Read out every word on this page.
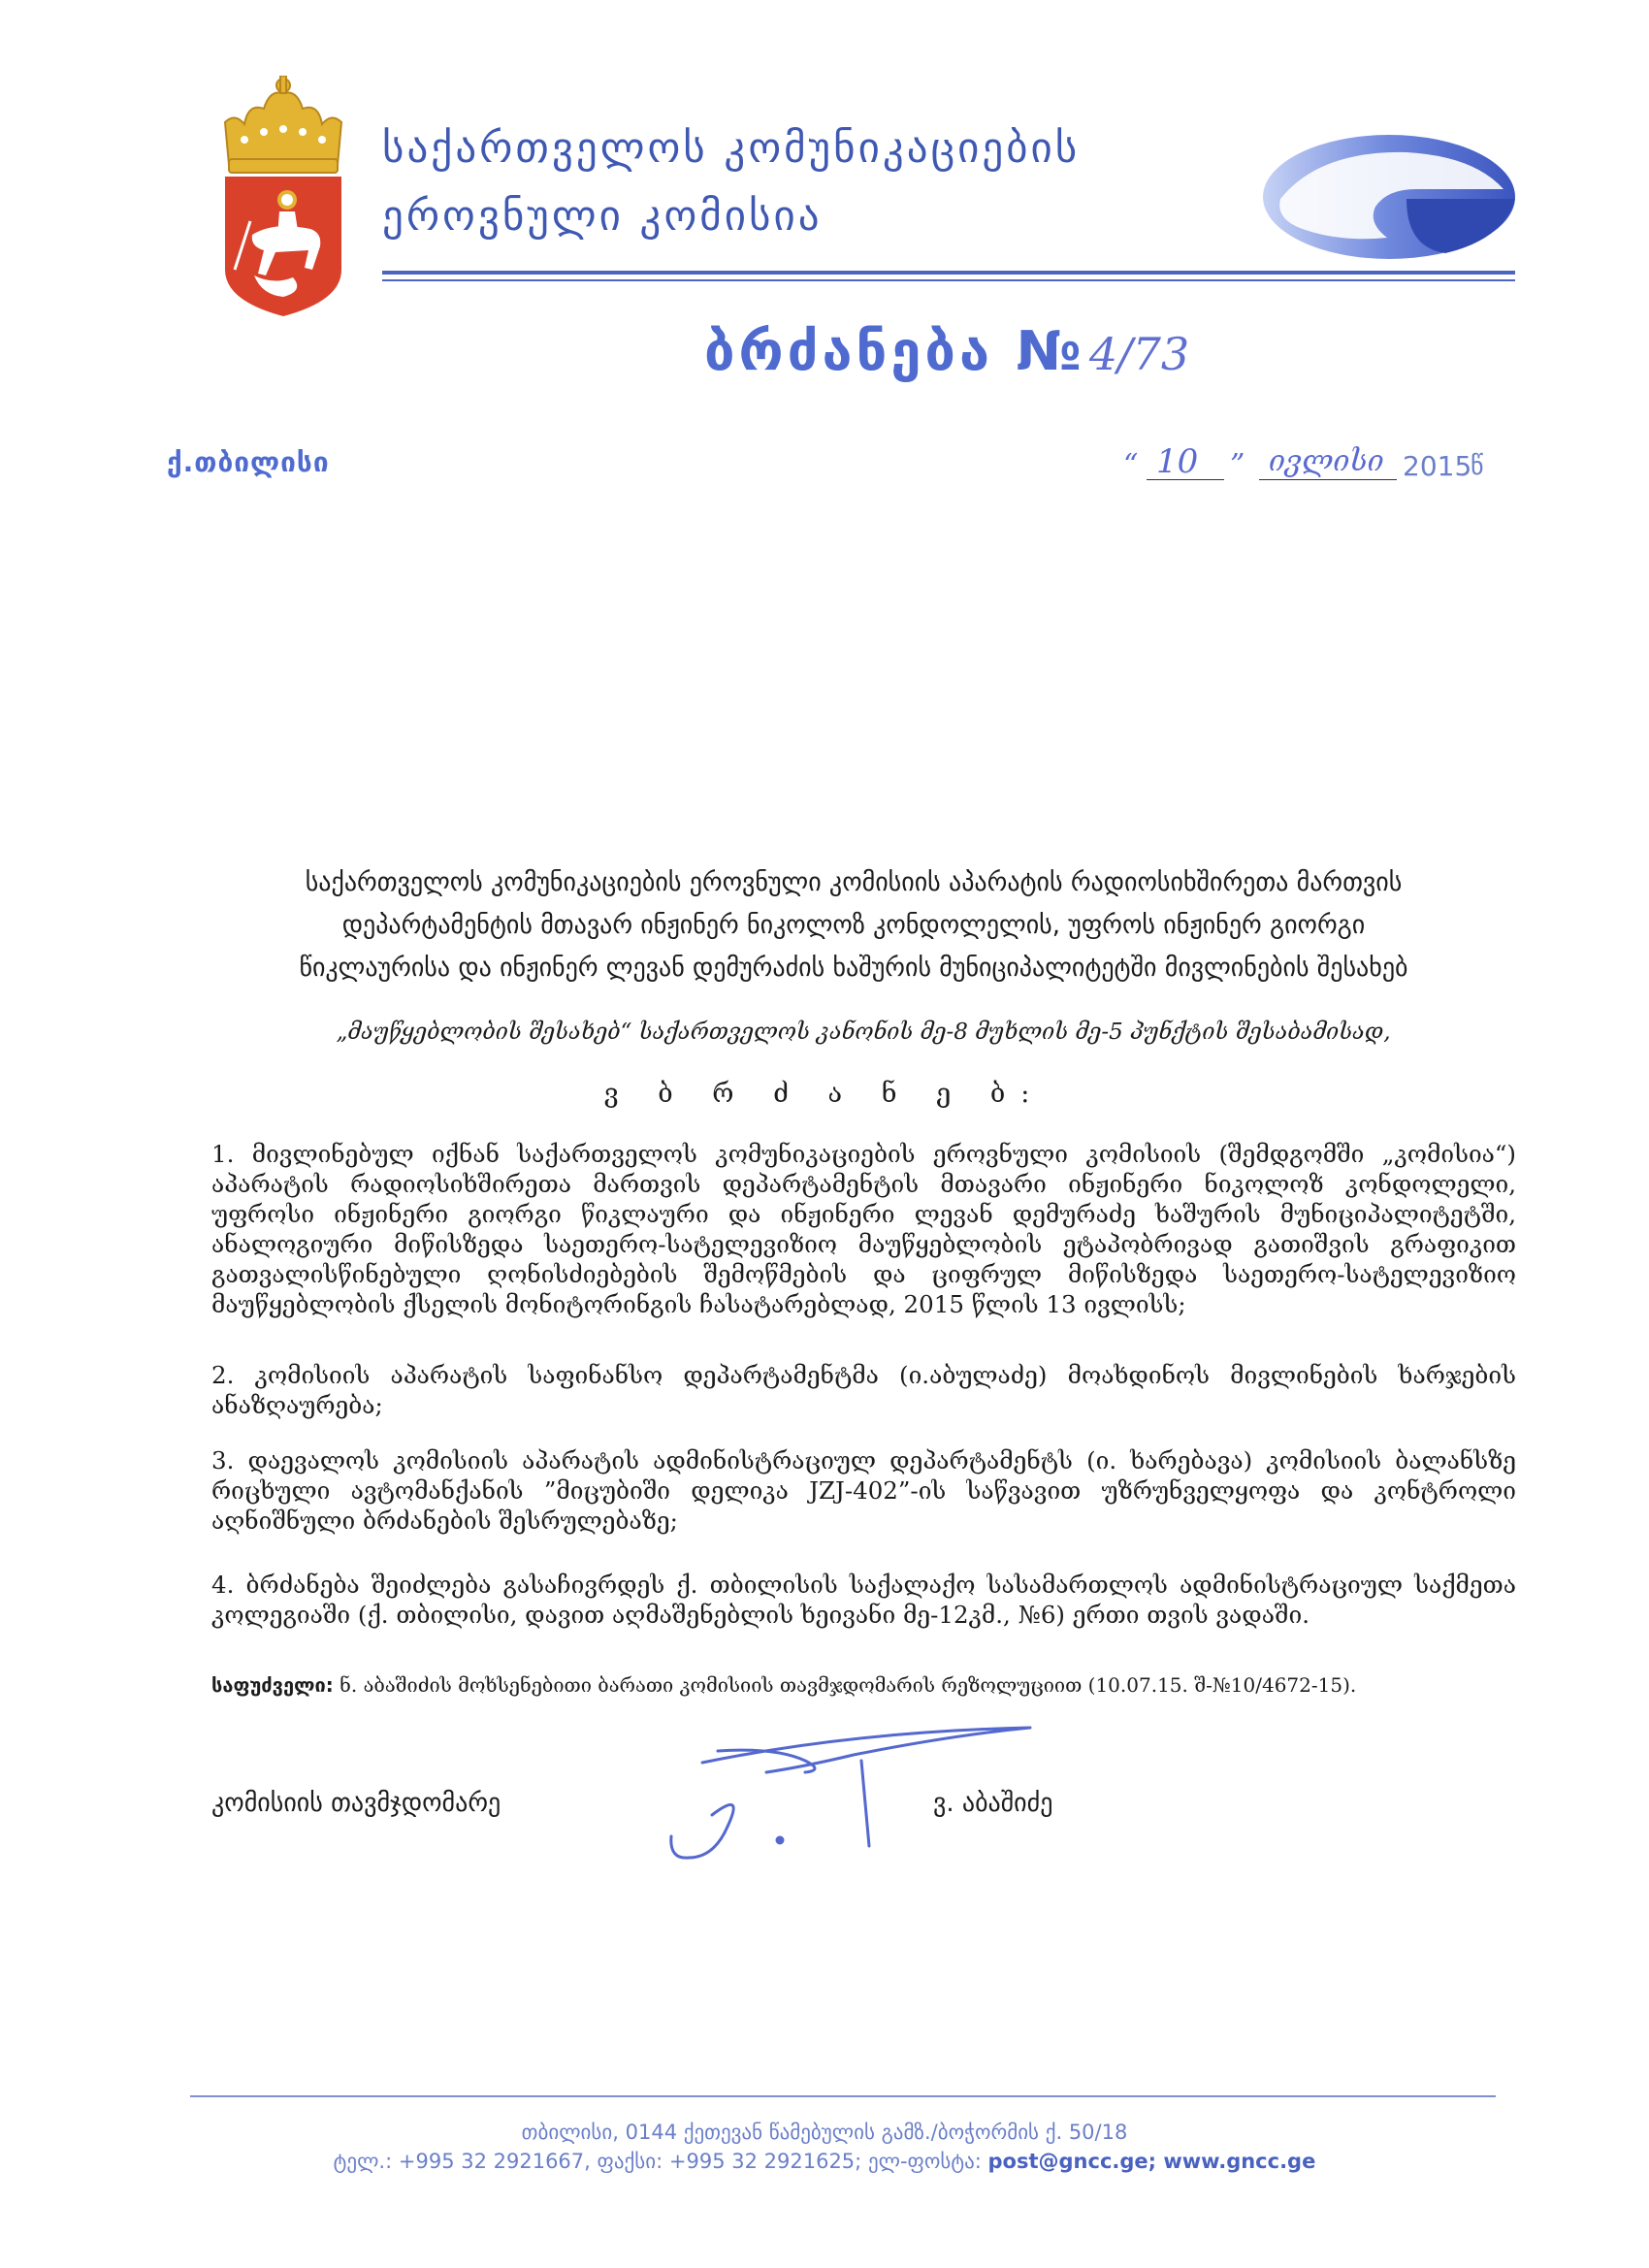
საქართველოს კომუნიკაციების
ეროვნული კომისია
ბრძანება №4/73
ქ.თბილისი	“ 10 ” ივლისი 2015
წ
საქართველოს კომუნიკაციების ეროვნული კომისიის აპარატის რადიოსიხშირეთა მართვის
დეპარტამენტის მთავარ ინჟინერ ნიკოლოზ კონდოლელის, უფროს ინჟინერ გიორგი
წიკლაურისა და ინჟინერ ლევან დემურაძის ხაშურის მუნიციპალიტეტში მივლინების შესახებ
„მაუწყებლობის შესახებ“ საქართველოს კანონის მე-8 მუხლის მე-5 პუნქტის შესაბამისად,
ვ ბ რ ძ ა ნ ე ბ:
1. მივლინებულ იქნან საქართველოს კომუნიკაციების ეროვნული კომისიის (შემდგომში „კომისია“) აპარატის რადიოსიხშირეთა მართვის დეპარტამენტის მთავარი ინჟინერი ნიკოლოზ კონდოლელი, უფროსი ინჟინერი გიორგი წიკლაური და ინჟინერი ლევან დემურაძე ხაშურის მუნიციპალიტეტში, ანალოგიური მიწისზედა საეთერო-სატელევიზიო მაუწყებლობის ეტაპობრივად გათიშვის გრაფიკით გათვალისწინებული ღონისძიებების შემოწმების და ციფრულ მიწისზედა საეთერო-სატელევიზიო მაუწყებლობის ქსელის მონიტორინგის ჩასატარებლად, 2015 წლის 13 ივლისს;
2. კომისიის აპარატის საფინანსო დეპარტამენტმა (ი.აბულაძე) მოახდინოს მივლინების ხარჯების ანაზღაურება;
3. დაევალოს კომისიის აპარატის ადმინისტრაციულ დეპარტამენტს (ი. ხარებავა) კომისიის ბალანსზე რიცხული ავტომანქანის ”მიცუბიში დელიკა JZJ-402”-ის საწვავით უზრუნველყოფა და კონტროლი აღნიშნული ბრძანების შესრულებაზე;
4. ბრძანება შეიძლება გასაჩივრდეს ქ. თბილისის საქალაქო სასამართლოს ადმინისტრაციულ საქმეთა კოლეგიაში (ქ. თბილისი, დავით აღმაშენებლის ხეივანი მე-12კმ., №6) ერთი თვის ვადაში.
საფუძველი: ნ. აბაშიძის მოხსენებითი ბარათი კომისიის თავმჯდომარის რეზოლუციით (10.07.15. შ-№10/4672-15).
კომისიის თავმჯდომარე	ვ. აბაშიძე
თბილისი, 0144 ქეთევან წამებულის გამზ./ბოჭორმის ქ. 50/18
ტელ.: +995 32 2921667, ფაქსი: +995 32 2921625; ელ-ფოსტა: post@gncc.ge; www.gncc.ge
